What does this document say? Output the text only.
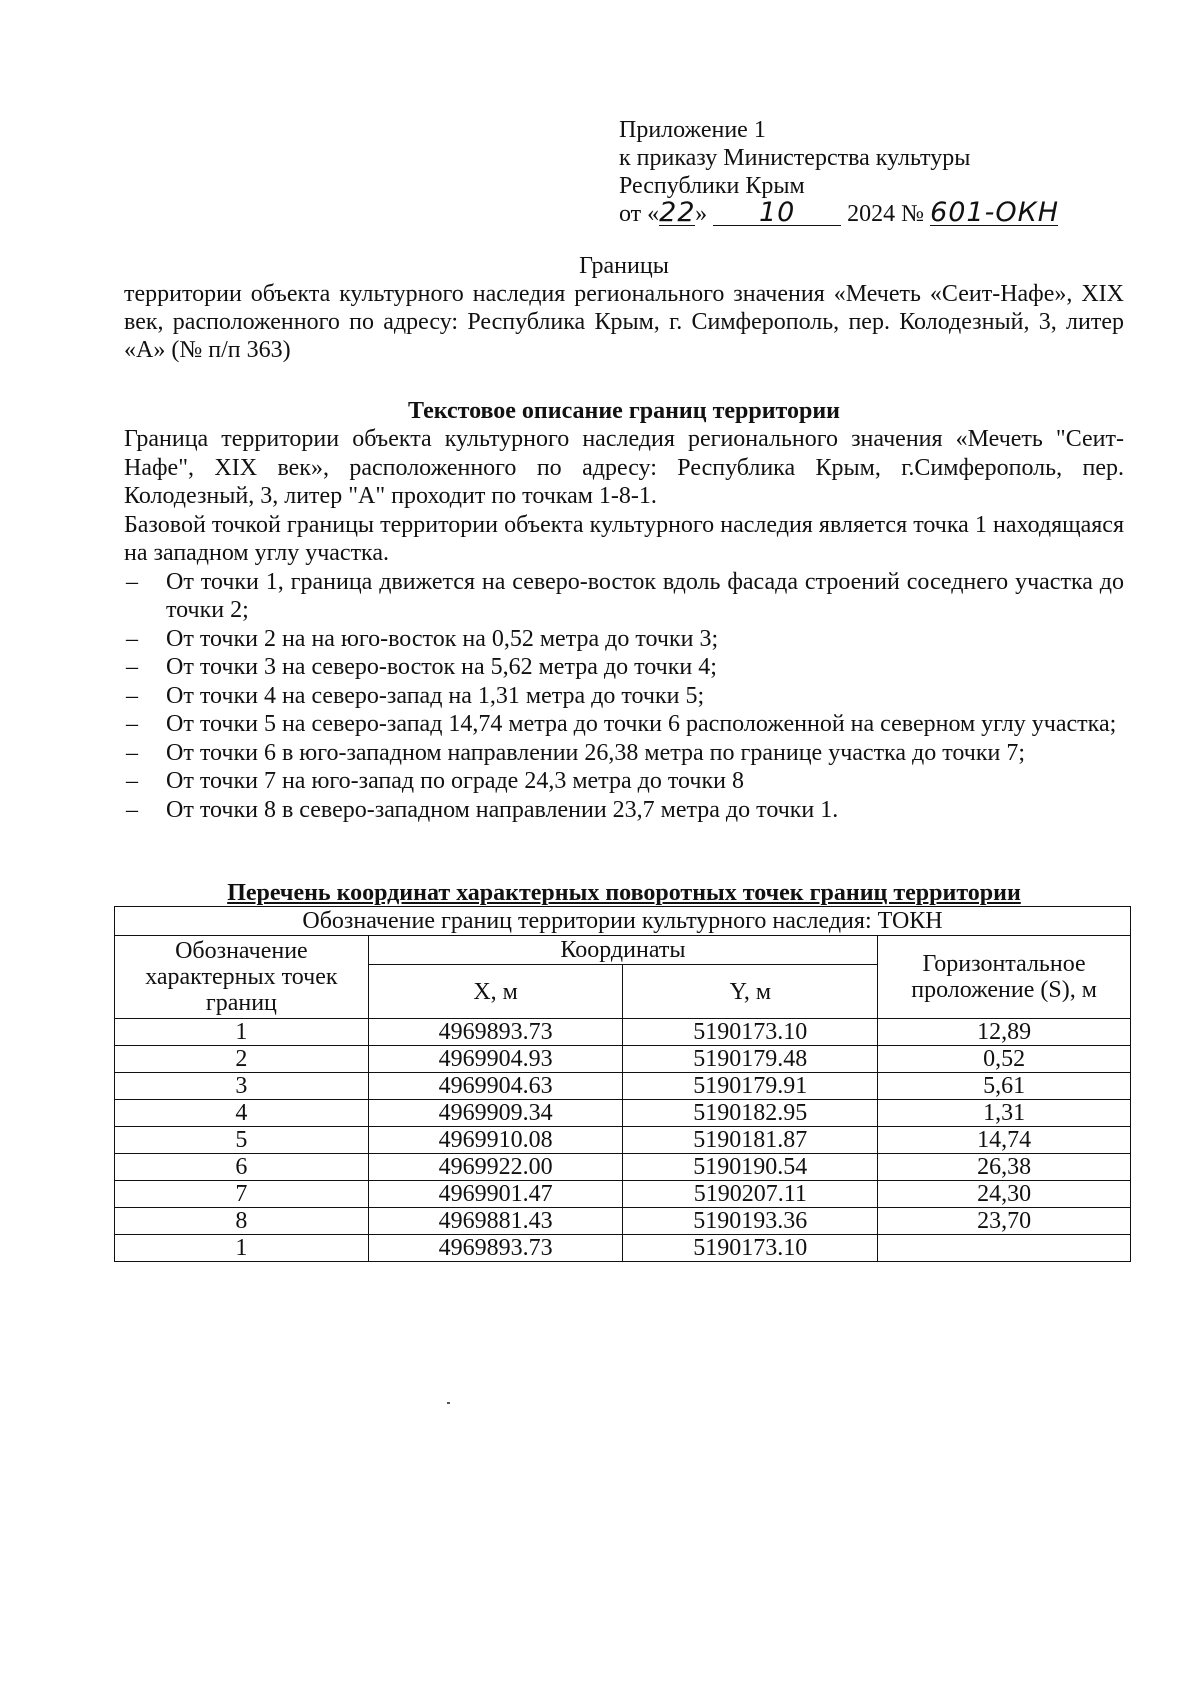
Приложение 1
к приказу Министерства культуры
Республики Крым
от «22» 10 2024 № 601-ОКН
Границы
территории объекта культурного наследия регионального значения «Мечеть «Сеит-Нафе», XIX век, расположенного по адресу: Республика Крым, г. Симферополь, пер. Колодезный, 3, литер «А» (№ п/п 363)
Текстовое описание границ территории

Граница территории объекта культурного наследия регионального значения «Мечеть "Сеит-Нафе", XIX век», расположенного по адресу: Республика Крым, г.Симферополь, пер. Колодезный, 3, литер "А" проходит по точкам 1-8-1.

Базовой точкой границы территории объекта культурного наследия является точка 1 находящаяся на западном углу участка.

– От точки 1, граница движется на северо-восток вдоль фасада строений соседнего участка до точки 2;
– От точки 2 на на юго-восток на 0,52 метра до точки 3;
– От точки 3 на северо-восток на 5,62 метра до точки 4;
– От точки 4 на северо-запад на 1,31 метра до точки 5;
– От точки 5 на северо-запад 14,74 метра до точки 6 расположенной на северном углу участка;
– От точки 6 в юго-западном направлении 26,38 метра по границе участка до точки 7;
– От точки 7 на юго-запад по ограде 24,3 метра до точки 8
– От точки 8 в северо-западном направлении 23,7 метра до точки 1.
Перечень координат характерных поворотных точек границ территории
Обозначение границ территории культурного наследия: ТОКН			
Обозначение характерных точек границ	Координаты		Горизонтальное проложение (S), м
	X, м	Y, м	
1	4969893.73	5190173.10	12,89
2	4969904.93	5190179.48	0,52
3	4969904.63	5190179.91	5,61
4	4969909.34	5190182.95	1,31
5	4969910.08	5190181.87	14,74
6	4969922.00	5190190.54	26,38
7	4969901.47	5190207.11	24,30
8	4969881.43	5190193.36	23,70
1	4969893.73	5190173.10	
